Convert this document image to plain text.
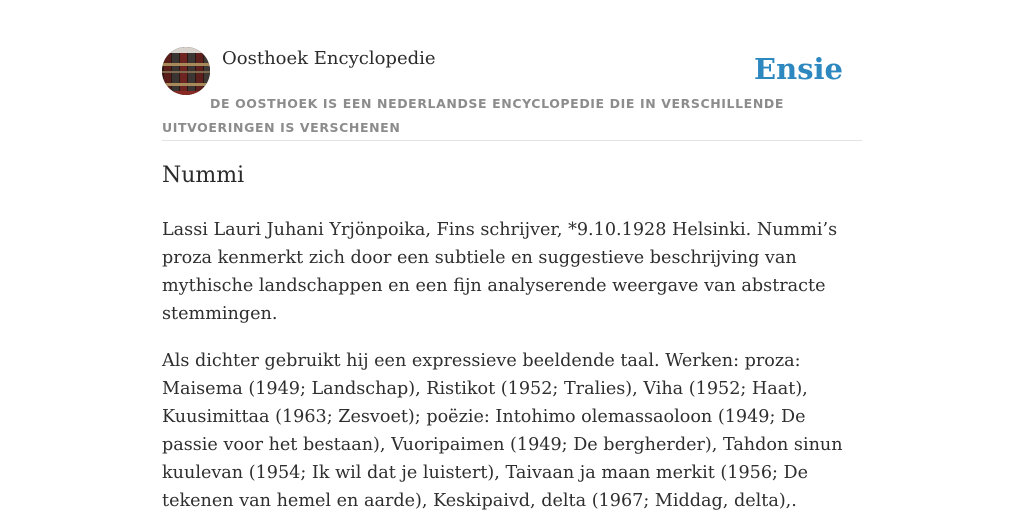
Oosthoek Encyclopedie	Ensie
DE OOSTHOEK IS EEN NEDERLANDSE ENCYCLOPEDIE DIE IN VERSCHILLENDE UITVOERINGEN IS VERSCHENEN
Nummi

Lassi Lauri Juhani Yrjönpoika, Fins schrijver, *9.10.1928 Helsinki. Nummi’s proza kenmerkt zich door een subtiele en suggestieve beschrijving van mythische landschappen en een fijn analyserende weergave van abstracte stemmingen.

Als dichter gebruikt hij een expressieve beeldende taal. Werken: proza: Maisema (1949; Landschap), Ristikot (1952; Tralies), Viha (1952; Haat), Kuusimittaa (1963; Zesvoet); poëzie: Intohimo olemassaoloon (1949; De passie voor het bestaan), Vuoripaimen (1949; De bergherder), Tahdon sinun kuulevan (1954; Ik wil dat je luistert), Taivaan ja maan merkit (1956; De tekenen van hemel en aarde), Keskipaivd, delta (1967; Middag, delta),.
